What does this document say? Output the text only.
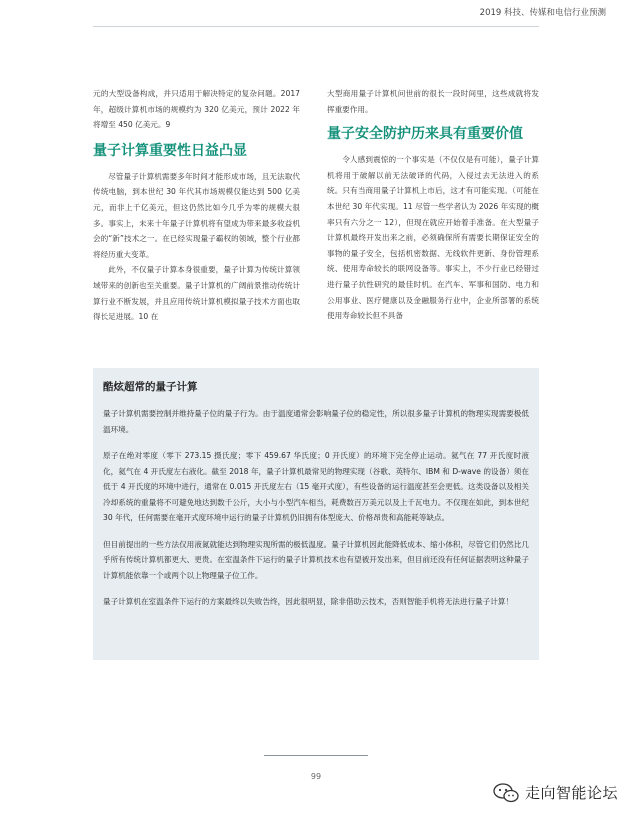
2019 科技、传媒和电信行业预测

元的大型设备构成，并只适用于解决特定的复杂问题。2017 年，超级计算机市场的规模约为 320 亿美元，预计 2022 年将增至 450 亿美元。9

量子计算重要性日益凸显

尽管量子计算机需要多年时间才能形成市场，且无法取代传统电脑，到本世纪 30 年代其市场规模仅能达到 500 亿美元，而非上千亿美元，但这仍然比如今几乎为零的规模大很多。事实上，未来十年量子计算机将有望成为带来最多收益机会的“新”技术之一。在已经实现量子霸权的领域，整个行业都将经历重大变革。

此外，不仅量子计算本身很重要，量子计算为传统计算领域带来的创新也至关重要。量子计算机的广阔前景推动传统计算行业不断发展，并且应用传统计算机模拟量子技术方面也取得长足进展。10 在

大型商用量子计算机问世前的很长一段时间里，这些成就将发挥重要作用。

量子安全防护历来具有重要价值

令人感到震惊的一个事实是（不仅仅是有可能），量子计算机将用于破解以前无法破译的代码，入侵过去无法进入的系统。只有当商用量子计算机上市后，这才有可能实现。（可能在本世纪 30 年代实现。11 尽管一些学者认为 2026 年实现的概率只有六分之一 12），但现在就应开始着手准备。在大型量子计算机最终开发出来之前，必须确保所有需要长期保证安全的事物的量子安全，包括机密数据、无线软件更新、身份管理系统、使用寿命较长的联网设备等。事实上，不少行业已经错过进行量子抗性研究的最佳时机。在汽车、军事和国防、电力和公用事业、医疗健康以及金融服务行业中，企业所部署的系统使用寿命较长但不具备

酷炫超常的量子计算

量子计算机需要控制并维持量子位的量子行为。由于温度通常会影响量子位的稳定性，所以很多量子计算机的物理实现需要极低温环境。

原子在绝对零度（零下 273.15 摄氏度；零下 459.67 华氏度；0 开氏度）的环境下完全停止运动。氦气在 77 开氏度时液化，氦气在 4 开氏度左右液化。截至 2018 年，量子计算机最常见的物理实现（谷歌、英特尔、IBM 和 D-wave 的设备）须在低于 4 开氏度的环境中进行，通常在 0.015 开氏度左右（15 毫开式度），有些设备的运行温度甚至会更低。这类设备以及相关冷却系统的重量将不可避免地达到数千公斤，大小与小型汽车相当，耗费数百万美元以及上千瓦电力。不仅现在如此，到本世纪 30 年代，任何需要在毫开式度环境中运行的量子计算机仍旧拥有体型庞大、价格昂贵和高能耗等缺点。

但目前提出的一些方法仅用液氮就能达到物理实现所需的极低温度。量子计算机因此能降低成本、缩小体积，尽管它们仍然比几乎所有传统计算机都更大、更贵。在室温条件下运行的量子计算机技术也有望被开发出来，但目前还没有任何证据表明这种量子计算机能依靠一个或两个以上物理量子位工作。

量子计算机在室温条件下运行的方案最终以失败告终，因此很明显，除非借助云技术，否则智能手机将无法进行量子计算！

99
走向智能论坛
